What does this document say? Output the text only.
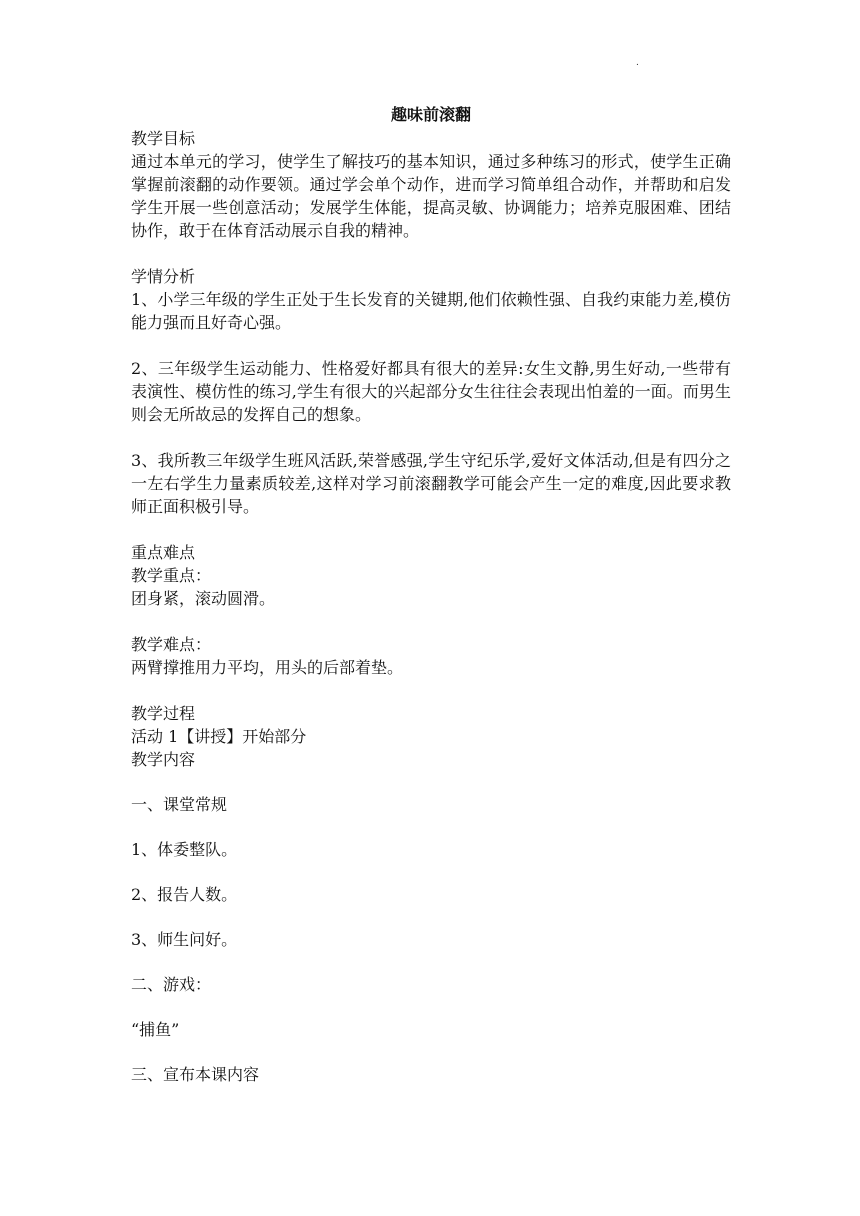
.

趣味前滚翻

教学目标

通过本单元的学习，使学生了解技巧的基本知识，通过多种练习的形式，使学生正确掌握前滚翻的动作要领。通过学会单个动作，进而学习简单组合动作，并帮助和启发学生开展一些创意活动；发展学生体能，提高灵敏、协调能力；培养克服困难、团结协作，敢于在体育活动展示自我的精神。

学情分析

1、小学三年级的学生正处于生长发育的关键期,他们依赖性强、自我约束能力差,模仿能力强而且好奇心强。

2、三年级学生运动能力、性格爱好都具有很大的差异:女生文静,男生好动,一些带有表演性、模仿性的练习,学生有很大的兴起部分女生往往会表现出怕羞的一面。而男生则会无所故忌的发挥自己的想象。

3、我所教三年级学生班风活跃,荣誉感强,学生守纪乐学,爱好文体活动,但是有四分之一左右学生力量素质较差,这样对学习前滚翻教学可能会产生一定的难度,因此要求教师正面积极引导。

重点难点

教学重点：

团身紧，滚动圆滑。

教学难点：

两臂撑推用力平均，用头的后部着垫。

教学过程

活动 1【讲授】开始部分

教学内容

一、课堂常规

1、体委整队。

2、报告人数。

3、师生问好。

二、游戏：

“捕鱼”

三、宣布本课内容
